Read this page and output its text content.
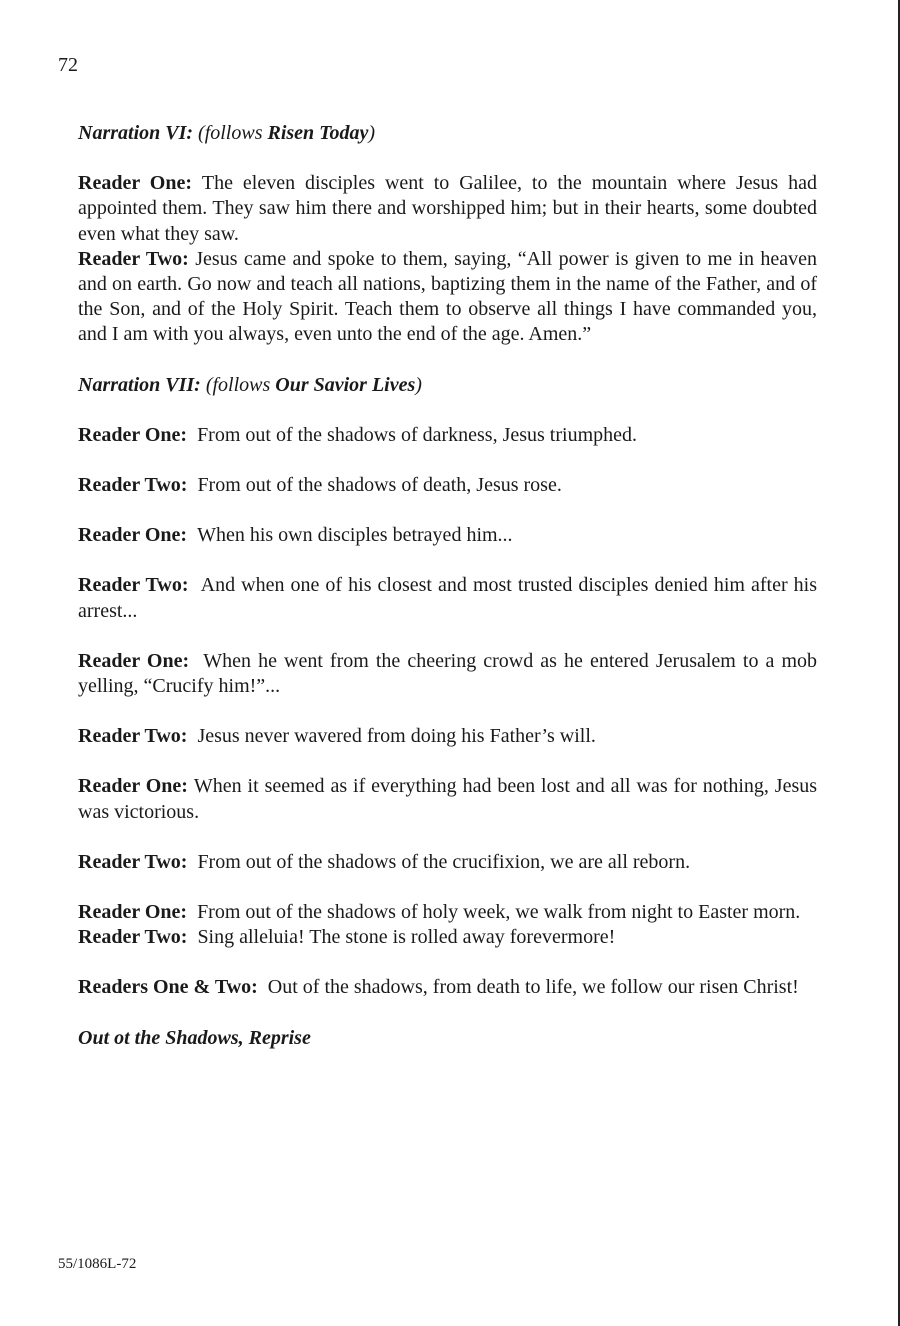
72

Narration VI: (follows Risen Today)

Reader One: The eleven disciples went to Galilee, to the mountain where Jesus had appointed them. They saw him there and worshipped him; but in their hearts, some doubted even what they saw.

Reader Two: Jesus came and spoke to them, saying, “All power is given to me in heaven and on earth. Go now and teach all nations, baptizing them in the name of the Father, and of the Son, and of the Holy Spirit. Teach them to observe all things I have commanded you, and I am with you always, even unto the end of the age. Amen.”

Narration VII: (follows Our Savior Lives)

Reader One: From out of the shadows of darkness, Jesus triumphed.

Reader Two: From out of the shadows of death, Jesus rose.

Reader One: When his own disciples betrayed him...

Reader Two: And when one of his closest and most trusted disciples denied him after his arrest...

Reader One: When he went from the cheering crowd as he entered Jerusalem to a mob yelling, “Crucify him!”...

Reader Two: Jesus never wavered from doing his Father’s will.

Reader One: When it seemed as if everything had been lost and all was for nothing, Jesus was victorious.

Reader Two: From out of the shadows of the crucifixion, we are all reborn.

Reader One: From out of the shadows of holy week, we walk from night to Easter morn.

Reader Two: Sing alleluia! The stone is rolled away forevermore!

Readers One & Two: Out of the shadows, from death to life, we follow our risen Christ!

Out ot the Shadows, Reprise

55/1086L-72
